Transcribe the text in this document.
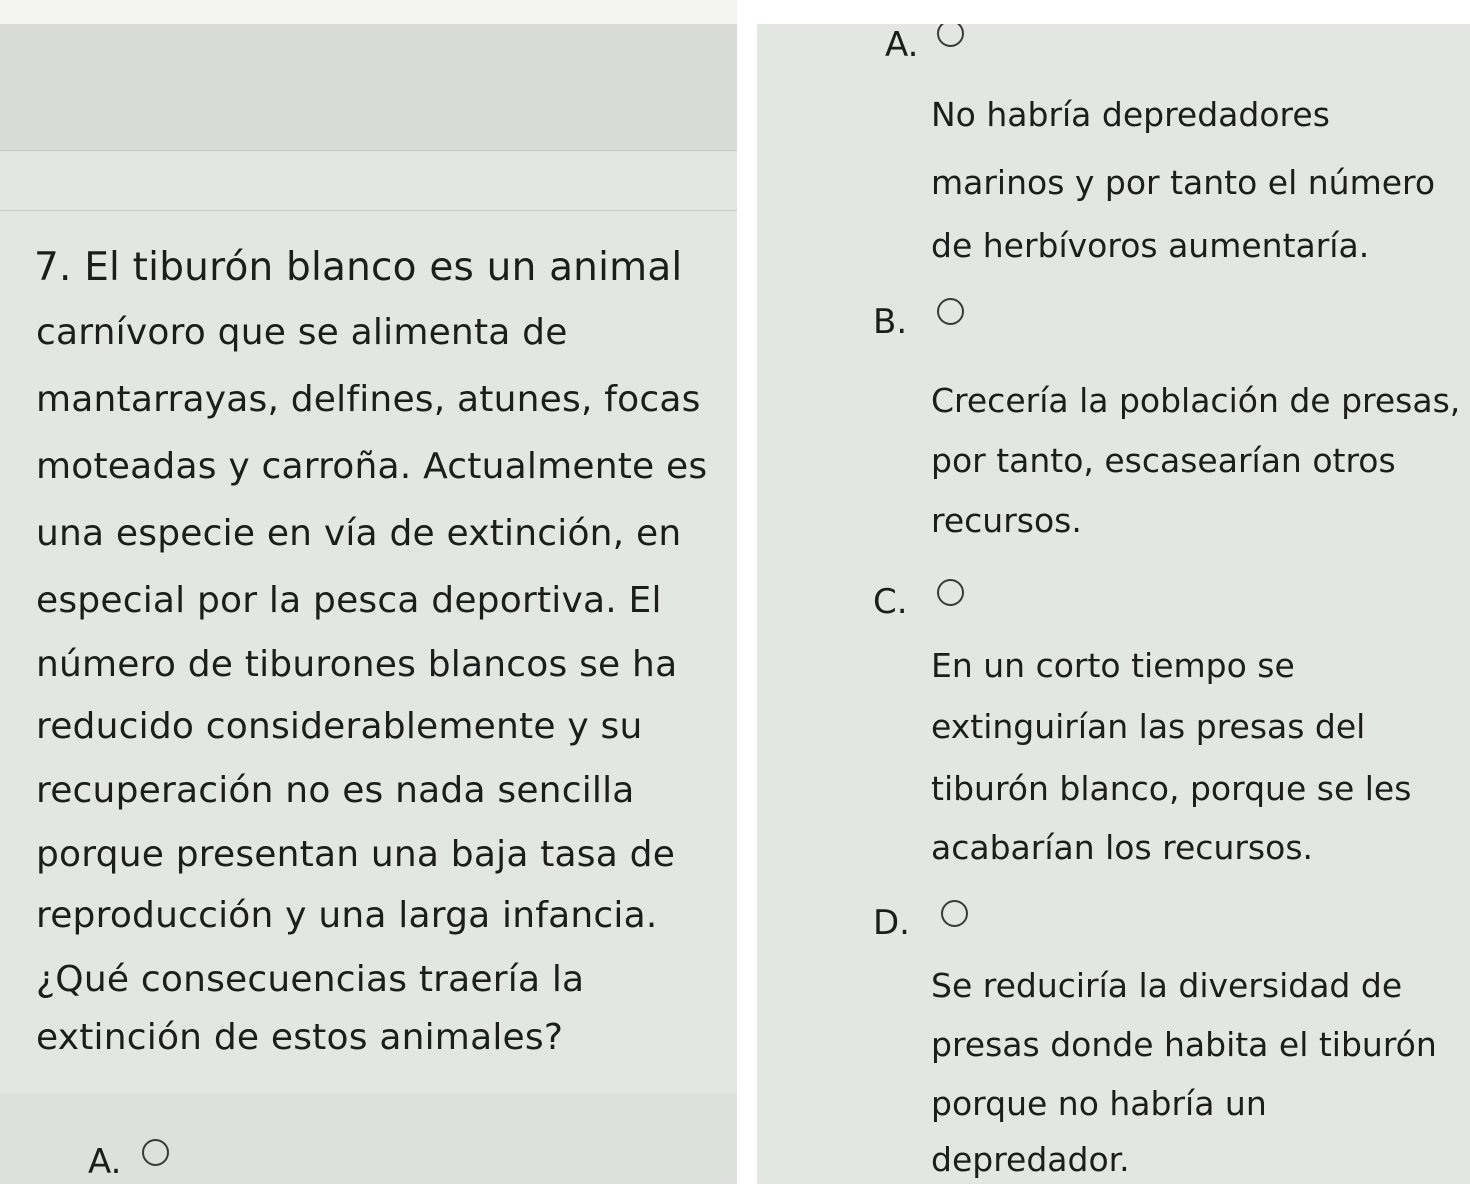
7. El tiburón blanco es un animal
carnívoro que se alimenta de
mantarrayas, delfines, atunes, focas
moteadas y carroña. Actualmente es
una especie en vía de extinción, en
especial por la pesca deportiva. El
número de tiburones blancos se ha
reducido considerablemente y su
recuperación no es nada sencilla
porque presentan una baja tasa de
reproducción y una larga infancia.
¿Qué consecuencias traería la
extinción de estos animales?
A.
A.
No habría depredadores
marinos y por tanto el número
de herbívoros aumentaría.
B.
Crecería la población de presas,
por tanto, escasearían otros
recursos.
C.
En un corto tiempo se
extinguirían las presas del
tiburón blanco, porque se les
acabarían los recursos.
D.
Se reduciría la diversidad de
presas donde habita el tiburón
porque no habría un
depredador.
